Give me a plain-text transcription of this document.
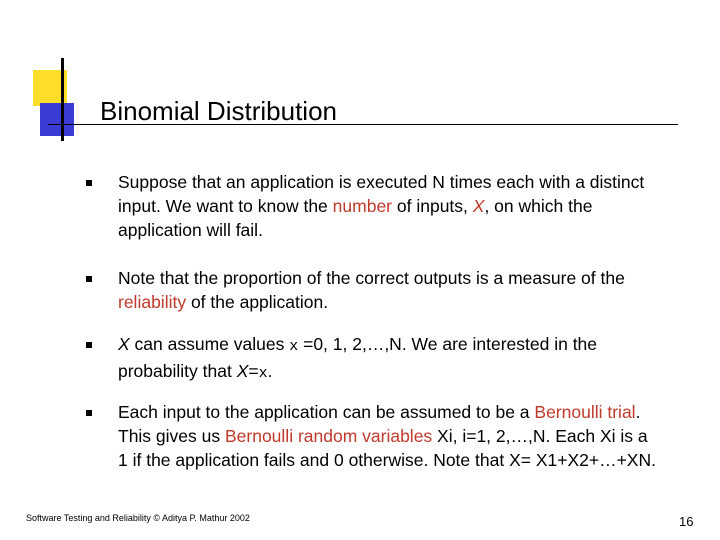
Binomial Distribution
Suppose that an application is executed N times each with a distinct input. We want to know the number of inputs, X, on which the application will fail.
Note that the proportion of the correct outputs is a measure of the reliability of the application.
X can assume values x =0, 1, 2,…,N. We are interested in the probability that X=x.
Each input to the application can be assumed to be a Bernoulli trial. This gives us Bernoulli random variables Xi, i=1, 2,…,N. Each Xi is a 1 if the application fails and 0 otherwise. Note that X= X1+X2+…+XN.
Software Testing and Reliability © Aditya P. Mathur 2002	16
